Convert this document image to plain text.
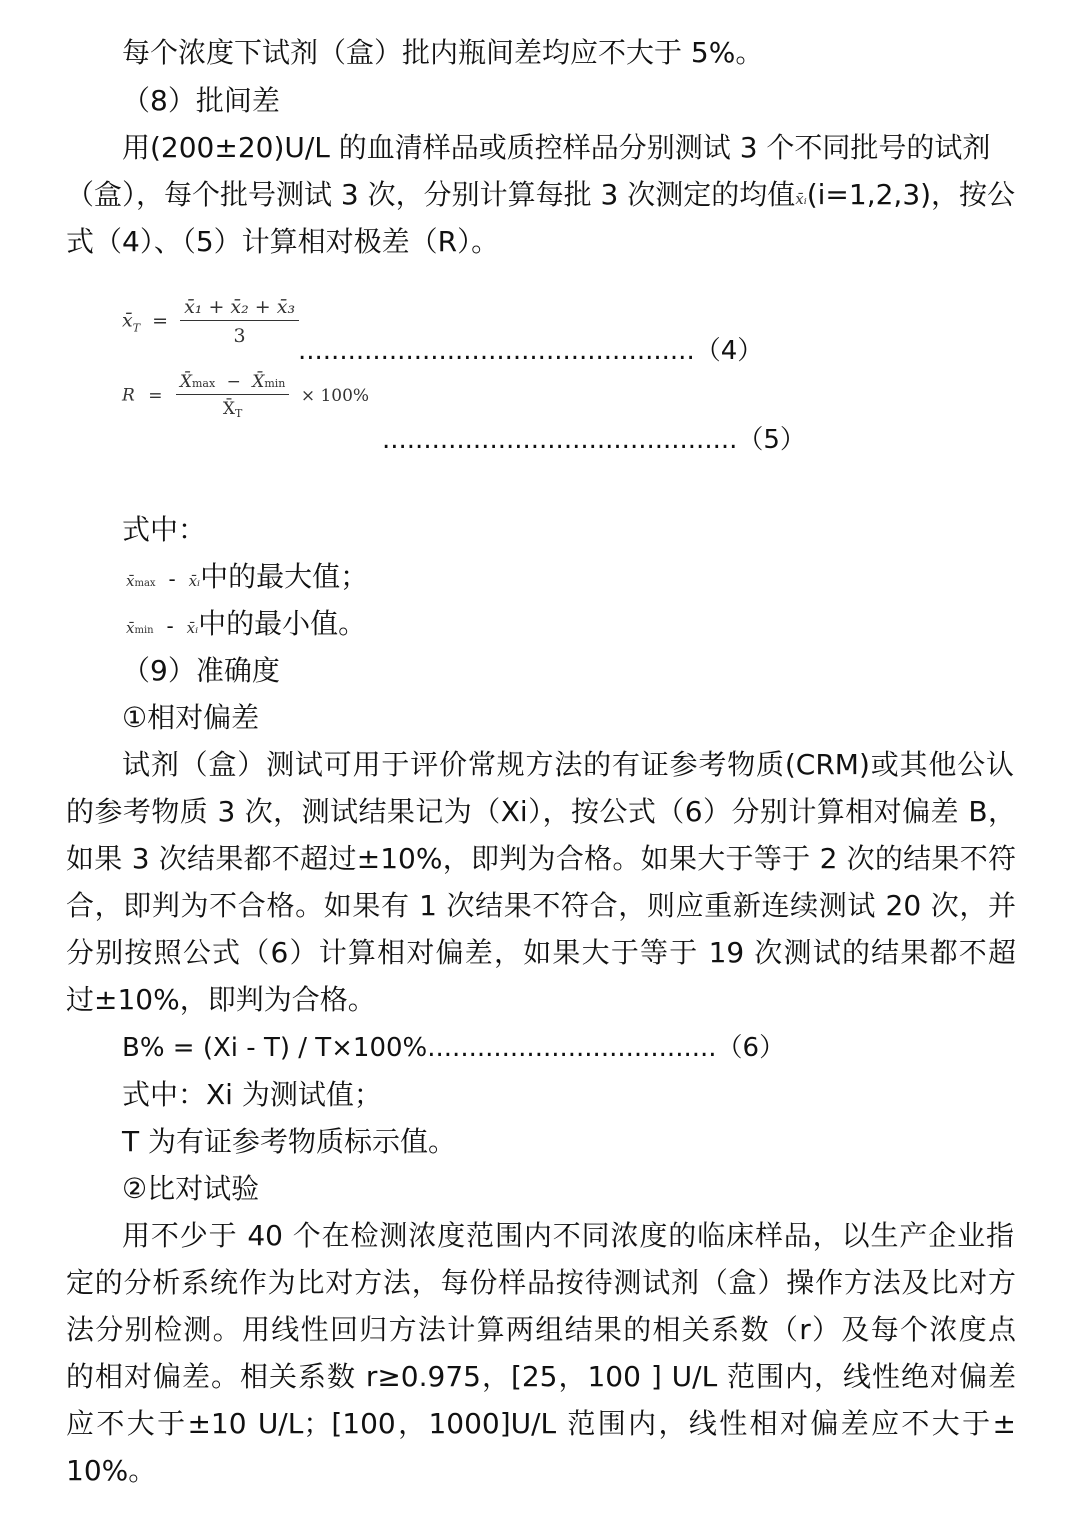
每个浓度下试剂（盒）批内瓶间差均应不大于 5%。
（8）批间差
用(200±20)U/L 的血清样品或质控样品分别测试 3 个不同批号的试剂
（盒），每个批号测试 3 次，分别计算每批 3 次测定的均值x̄ᵢ(i=1,2,3)，按公
式（4）、（5）计算相对极差（R）。
$x̄_T = \frac{\text{x̄₁ + x̄₂ + x̄₃}}{3}$
................................................（4）
$R = \frac{X̄\max - X̄\min}{X̄T} \times 100\%$
...........................................（5）
式中：
x̄max - x̄ᵢ中的最大值；
x̄min - x̄ᵢ中的最小值。
（9）准确度
①相对偏差
试剂（盒）测试可用于评价常规方法的有证参考物质(CRM)或其他公认
的参考物质 3 次，测试结果记为（Xi），按公式（6）分别计算相对偏差 B，
如果 3 次结果都不超过±10%，即判为合格。如果大于等于 2 次的结果不符
合，即判为不合格。如果有 1 次结果不符合，则应重新连续测试 20 次，并
分别按照公式（6）计算相对偏差，如果大于等于 19 次测试的结果都不超
过±10%，即判为合格。
B% = (Xi - T) / T×100%...................................（6）
式中：Xi 为测试值；
T 为有证参考物质标示值。
②比对试验
用不少于 40 个在检测浓度范围内不同浓度的临床样品，以生产企业指
定的分析系统作为比对方法，每份样品按待测试剂（盒）操作方法及比对方
法分别检测。用线性回归方法计算两组结果的相关系数（r）及每个浓度点
的相对偏差。相关系数 r≥0.975，[25，100 ] U/L 范围内，线性绝对偏差
应不大于±10 U/L；[100，1000]U/L 范围内，线性相对偏差应不大于±
10%。
